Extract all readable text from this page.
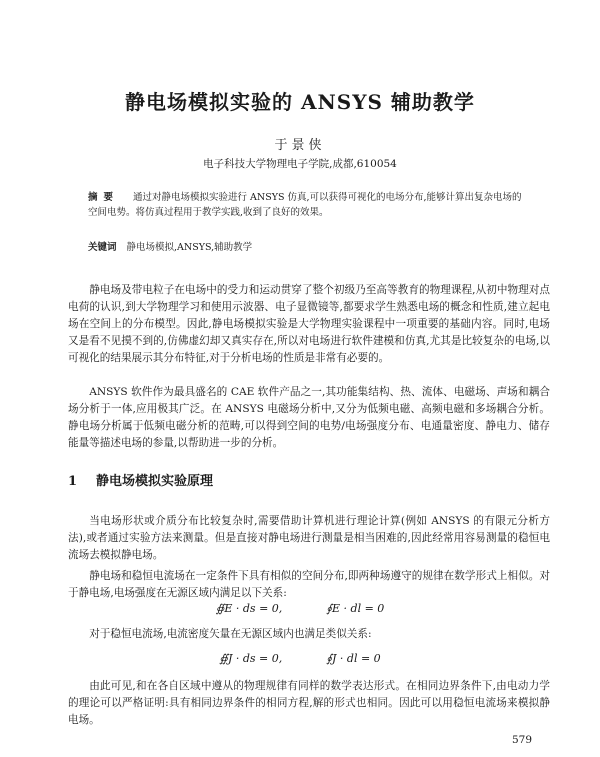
静电场模拟实验的 ANSYS 辅助教学
于景侠
电子科技大学物理电子学院,成都,610054
摘要 通过对静电场模拟实验进行 ANSYS 仿真,可以获得可视化的电场分布,能够计算出复杂电场的空间电势。将仿真过程用于教学实践,收到了良好的效果。
关键词 静电场模拟,ANSYS,辅助教学
静电场及带电粒子在电场中的受力和运动贯穿了整个初级乃至高等教育的物理课程,从初中物理对点电荷的认识,到大学物理学习和使用示波器、电子显微镜等,都要求学生熟悉电场的概念和性质,建立起电场在空间上的分布模型。因此,静电场模拟实验是大学物理实验课程中一项重要的基础内容。同时,电场又是看不见摸不到的,仿佛虚幻却又真实存在,所以对电场进行软件建模和仿真,尤其是比较复杂的电场,以可视化的结果展示其分布特征,对于分析电场的性质是非常有必要的。
ANSYS 软件作为最具盛名的 CAE 软件产品之一,其功能集结构、热、流体、电磁场、声场和耦合场分析于一体,应用极其广泛。在 ANSYS 电磁场分析中,又分为低频电磁、高频电磁和多场耦合分析。静电场分析属于低频电磁分析的范畴,可以得到空间的电势/电场强度分布、电通量密度、静电力、储存能量等描述电场的参量,以帮助进一步的分析。
1 静电场模拟实验原理
当电场形状或介质分布比较复杂时,需要借助计算机进行理论计算(例如 ANSYS 的有限元分析方法),或者通过实验方法来测量。但是直接对静电场进行测量是相当困难的,因此经常用容易测量的稳恒电流场去模拟静电场。
静电场和稳恒电流场在一定条件下具有相似的空间分布,即两种场遵守的规律在数学形式上相似。对于静电场,电场强度在无源区域内满足以下关系:
∯E · ds = 0,	∮E · dl = 0
对于稳恒电流场,电流密度矢量在无源区域内也满足类似关系:
∯J · ds = 0,	∮J · dl = 0
由此可见,和在各自区域中遵从的物理规律有同样的数学表达形式。在相同边界条件下,由电动力学的理论可以严格证明:具有相同边界条件的相同方程,解的形式也相同。因此可以用稳恒电流场来模拟静电场。
579
